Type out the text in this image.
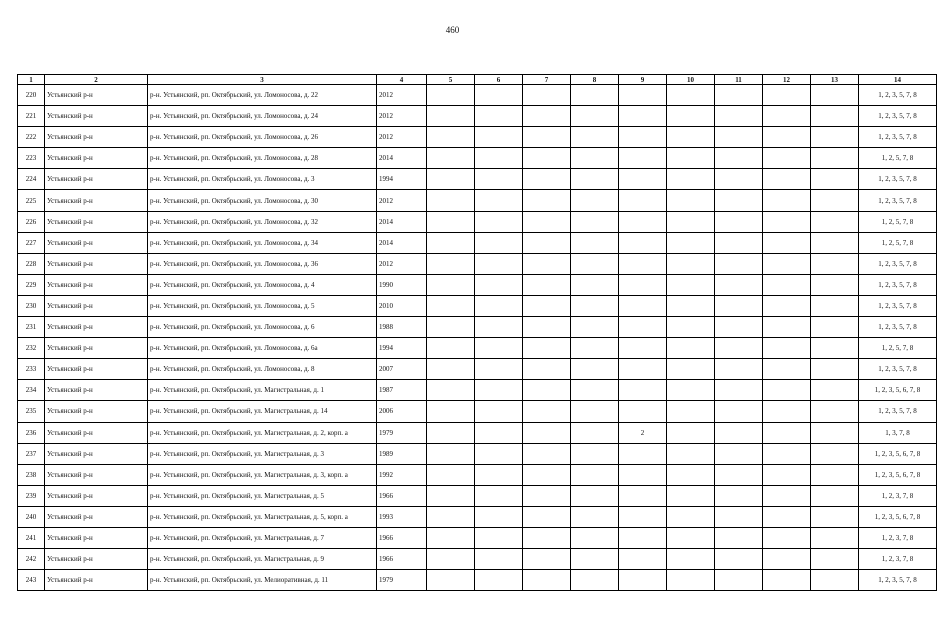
460
1	2	3	4	5	6	7	8	9	10	11	12	13	14
220	Устьянский р-н	р-н. Устьянский, рп. Октябрьский, ул. Ломоносова, д. 22	2012										1, 2, 3, 5, 7, 8
221	Устьянский р-н	р-н. Устьянский, рп. Октябрьский, ул. Ломоносова, д. 24	2012										1, 2, 3, 5, 7, 8
222	Устьянский р-н	р-н. Устьянский, рп. Октябрьский, ул. Ломоносова, д. 26	2012										1, 2, 3, 5, 7, 8
223	Устьянский р-н	р-н. Устьянский, рп. Октябрьский, ул. Ломоносова, д. 28	2014										1, 2, 5, 7, 8
224	Устьянский р-н	р-н. Устьянский, рп. Октябрьский, ул. Ломоносова, д. 3	1994										1, 2, 3, 5, 7, 8
225	Устьянский р-н	р-н. Устьянский, рп. Октябрьский, ул. Ломоносова, д. 30	2012										1, 2, 3, 5, 7, 8
226	Устьянский р-н	р-н. Устьянский, рп. Октябрьский, ул. Ломоносова, д. 32	2014										1, 2, 5, 7, 8
227	Устьянский р-н	р-н. Устьянский, рп. Октябрьский, ул. Ломоносова, д. 34	2014										1, 2, 5, 7, 8
228	Устьянский р-н	р-н. Устьянский, рп. Октябрьский, ул. Ломоносова, д. 36	2012										1, 2, 3, 5, 7, 8
229	Устьянский р-н	р-н. Устьянский, рп. Октябрьский, ул. Ломоносова, д. 4	1990										1, 2, 3, 5, 7, 8
230	Устьянский р-н	р-н. Устьянский, рп. Октябрьский, ул. Ломоносова, д. 5	2010										1, 2, 3, 5, 7, 8
231	Устьянский р-н	р-н. Устьянский, рп. Октябрьский, ул. Ломоносова, д. 6	1988										1, 2, 3, 5, 7, 8
232	Устьянский р-н	р-н. Устьянский, рп. Октябрьский, ул. Ломоносова, д. 6а	1994										1, 2, 5, 7, 8
233	Устьянский р-н	р-н. Устьянский, рп. Октябрьский, ул. Ломоносова, д. 8	2007										1, 2, 3, 5, 7, 8
234	Устьянский р-н	р-н. Устьянский, рп. Октябрьский, ул. Магистральная, д. 1	1987										1, 2, 3, 5, 6, 7, 8
235	Устьянский р-н	р-н. Устьянский, рп. Октябрьский, ул. Магистральная, д. 14	2006										1, 2, 3, 5, 7, 8
236	Устьянский р-н	р-н. Устьянский, рп. Октябрьский, ул. Магистральная, д. 2, корп. а	1979					2					1, 3, 7, 8
237	Устьянский р-н	р-н. Устьянский, рп. Октябрьский, ул. Магистральная, д. 3	1989										1, 2, 3, 5, 6, 7, 8
238	Устьянский р-н	р-н. Устьянский, рп. Октябрьский, ул. Магистральная, д. 3, корп. а	1992										1, 2, 3, 5, 6, 7, 8
239	Устьянский р-н	р-н. Устьянский, рп. Октябрьский, ул. Магистральная, д. 5	1966										1, 2, 3, 7, 8
240	Устьянский р-н	р-н. Устьянский, рп. Октябрьский, ул. Магистральная, д. 5, корп. а	1993										1, 2, 3, 5, 6, 7, 8
241	Устьянский р-н	р-н. Устьянский, рп. Октябрьский, ул. Магистральная, д. 7	1966										1, 2, 3, 7, 8
242	Устьянский р-н	р-н. Устьянский, рп. Октябрьский, ул. Магистральная, д. 9	1966										1, 2, 3, 7, 8
243	Устьянский р-н	р-н. Устьянский, рп. Октябрьский, ул. Мелиоративная, д. 11	1979										1, 2, 3, 5, 7, 8
